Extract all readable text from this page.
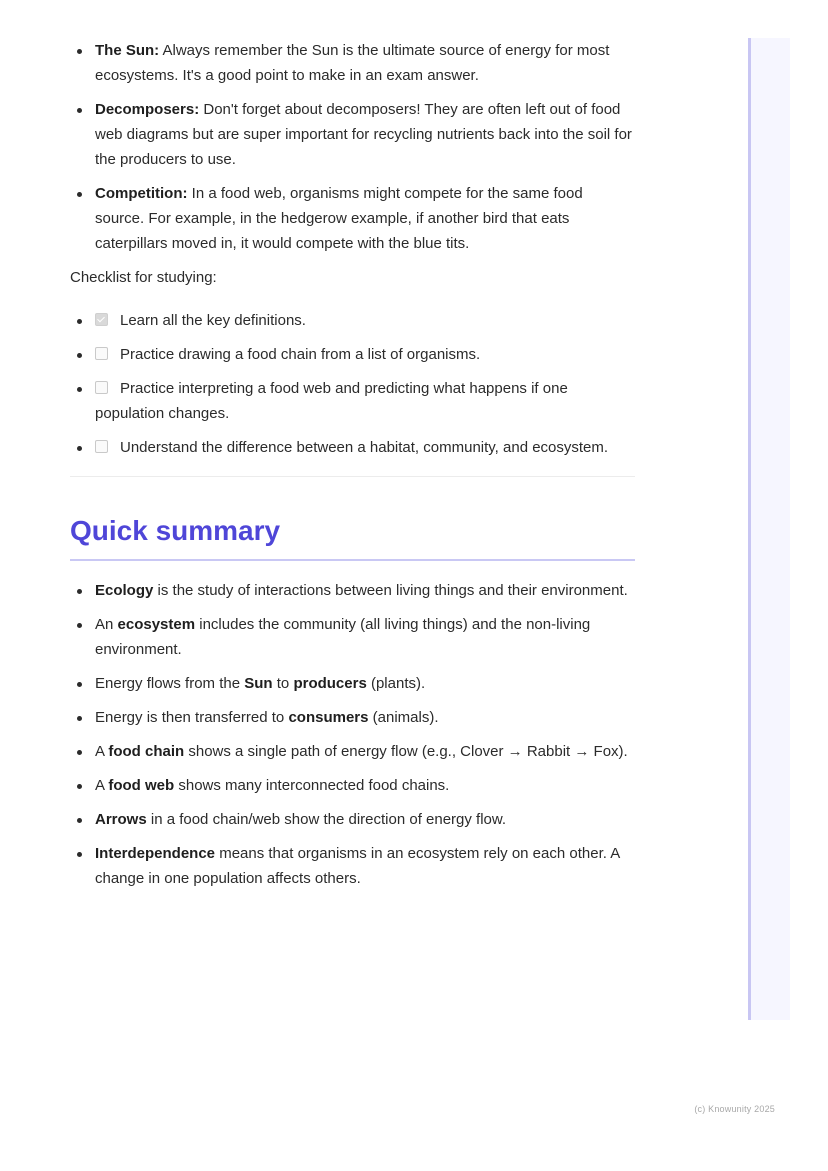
The Sun: Always remember the Sun is the ultimate source of energy for most ecosystems. It's a good point to make in an exam answer.
Decomposers: Don't forget about decomposers! They are often left out of food web diagrams but are super important for recycling nutrients back into the soil for the producers to use.
Competition: In a food web, organisms might compete for the same food source. For example, in the hedgerow example, if another bird that eats caterpillars moved in, it would compete with the blue tits.

Checklist for studying:

Learn all the key definitions.
Practice drawing a food chain from a list of organisms.
Practice interpreting a food web and predicting what happens if one population changes.
Understand the difference between a habitat, community, and ecosystem.
Quick summary
Ecology is the study of interactions between living things and their environment.
An ecosystem includes the community (all living things) and the non-living environment.
Energy flows from the Sun to producers (plants).
Energy is then transferred to consumers (animals).
A food chain shows a single path of energy flow (e.g., Clover → Rabbit → Fox).
A food web shows many interconnected food chains.
Arrows in a food chain/web show the direction of energy flow.
Interdependence means that organisms in an ecosystem rely on each other. A change in one population affects others.
(c) Knowunity 2025
